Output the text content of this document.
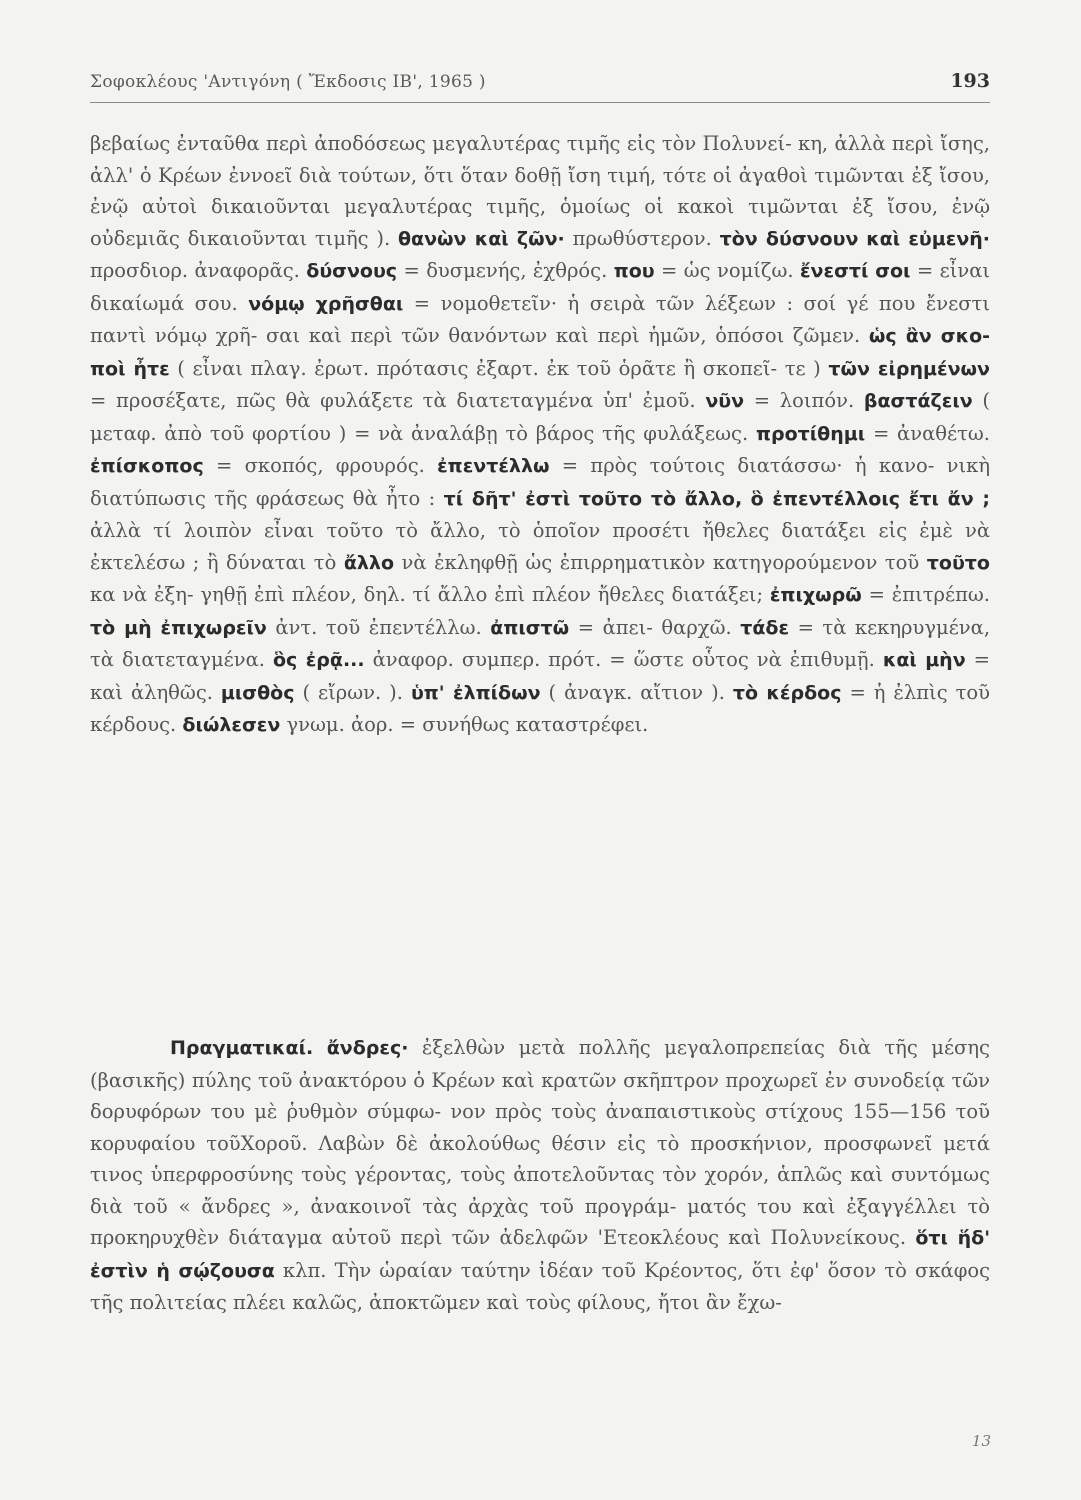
Σοφοκλέους 'Αντιγόνη ( Ἔκδοσις ΙΒ', 1965 )	193
βεβαίως ἐνταῦθα περὶ ἀποδόσεως μεγαλυτέρας τιμῆς εἰς τὸν Πολυνεί- κη, ἀλλὰ περὶ ἴσης, ἀλλ' ὁ Κρέων ἐννοεῖ διὰ τούτων, ὅτι ὅταν δοθῇ ἴση τιμή, τότε οἱ ἀγαθοὶ τιμῶνται ἐξ ἴσου, ἐνῷ αὐτοὶ δικαιοῦνται μεγαλυτέρας τιμῆς, ὁμοίως οἱ κακοὶ τιμῶνται ἐξ ἴσου, ἐνῷ οὐδεμιᾶς δικαιοῦνται τιμῆς ). θανὼν καὶ ζῶν· πρωθύστερον. τὸν δύσνουν καὶ εὐμενῆ· προσδιορ. ἀναφορᾶς. δύσνους = δυσμενής, ἐχθρός. που = ὡς νομίζω. ἔνεστί σοι = εἶναι δικαίωμά σου. νόμῳ χρῆσθαι = νομοθετεῖν· ἡ σειρὰ τῶν λέξεων : σοί γέ που ἔνεστι παντὶ νόμῳ χρῆ- σαι καὶ περὶ τῶν θανόντων καὶ περὶ ἡμῶν, ὁπόσοι ζῶμεν. ὡς ἂν σκο- ποὶ ἦτε ( εἶναι πλαγ. ἐρωτ. πρότασις ἐξαρτ. ἐκ τοῦ ὁρᾶτε ἢ σκοπεῖ- τε ) τῶν εἰρημένων = προσέξατε, πῶς θὰ φυλάξετε τὰ διατεταγμένα ὑπ' ἐμοῦ. νῦν = λοιπόν. βαστάζειν ( μεταφ. ἀπὸ τοῦ φορτίου ) = νὰ ἀναλάβῃ τὸ βάρος τῆς φυλάξεως. προτίθημι = ἀναθέτω. ἐπίσκοπος = σκοπός, φρουρός. ἐπεντέλλω = πρὸς τούτοις διατάσσω· ἡ κανο- νικὴ διατύπωσις τῆς φράσεως θὰ ἦτο : τί δῆτ' ἐστὶ τοῦτο τὸ ἄλλο, ὃ ἐπεντέλλοις ἔτι ἄν ; ἀλλὰ τί λοιπὸν εἶναι τοῦτο τὸ ἄλλο, τὸ ὁποῖον προσέτι ἤθελες διατάξει εἰς ἐμὲ νὰ ἐκτελέσω ; ἢ δύναται τὸ ἄλλο νὰ ἐκληφθῇ ὡς ἐπιρρηματικὸν κατηγορούμενον τοῦ τοῦτο κα νὰ ἐξη- γηθῇ ἐπὶ πλέον, δηλ. τί ἄλλο ἐπὶ πλέον ἤθελες διατάξει; ἐπιχωρῶ = ἐπιτρέπω. τὸ μὴ ἐπιχωρεῖν ἀντ. τοῦ ἐπεντέλλω. ἀπιστῶ = ἀπει- θαρχῶ. τάδε = τὰ κεκηρυγμένα, τὰ διατεταγμένα. ὃς ἐρᾷ... ἀναφορ. συμπερ. πρότ. = ὥστε οὗτος νὰ ἐπιθυμῇ. καὶ μὴν = καὶ ἀληθῶς. μισθὸς ( εἴρων. ). ὑπ' ἐλπίδων ( ἀναγκ. αἴτιον ). τὸ κέρδος = ἡ ἐλπὶς τοῦ κέρδους. διώλεσεν γνωμ. ἀορ. = συνήθως καταστρέφει.
Πραγματικαί. ἄνδρες· ἐξελθὼν μετὰ πολλῆς μεγαλοπρεπείας διὰ τῆς μέσης (βασικῆς) πύλης τοῦ ἀνακτόρου ὁ Κρέων καὶ κρατῶν σκῆπτρον προχωρεῖ ἐν συνοδείᾳ τῶν δορυφόρων του μὲ ῥυθμὸν σύμφω- νον πρὸς τοὺς ἀναπαιστικοὺς στίχους 155—156 τοῦ κορυφαίου τοῦΧοροῦ. Λαβὼν δὲ ἀκολούθως θέσιν εἰς τὸ προσκήνιον, προσφωνεῖ μετά τινος ὑπερφροσύνης τοὺς γέροντας, τοὺς ἀποτελοῦντας τὸν χορόν, ἁπλῶς καὶ συντόμως διὰ τοῦ « ἄνδρες », ἀνακοινοῖ τὰς ἀρχὰς τοῦ προγράμ- ματός του καὶ ἐξαγγέλλει τὸ προκηρυχθὲν διάταγμα αὐτοῦ περὶ τῶν ἀδελφῶν 'Ετεοκλέους καὶ Πολυνείκους. ὅτι ἥδ' ἐστὶν ἡ σῴζουσα κλπ. Τὴν ὡραίαν ταύτην ἰδέαν τοῦ Κρέοντος, ὅτι ἐφ' ὅσον τὸ σκάφος τῆς πολιτείας πλέει καλῶς, ἀποκτῶμεν καὶ τοὺς φίλους, ἤτοι ἂν ἔχω-
13
